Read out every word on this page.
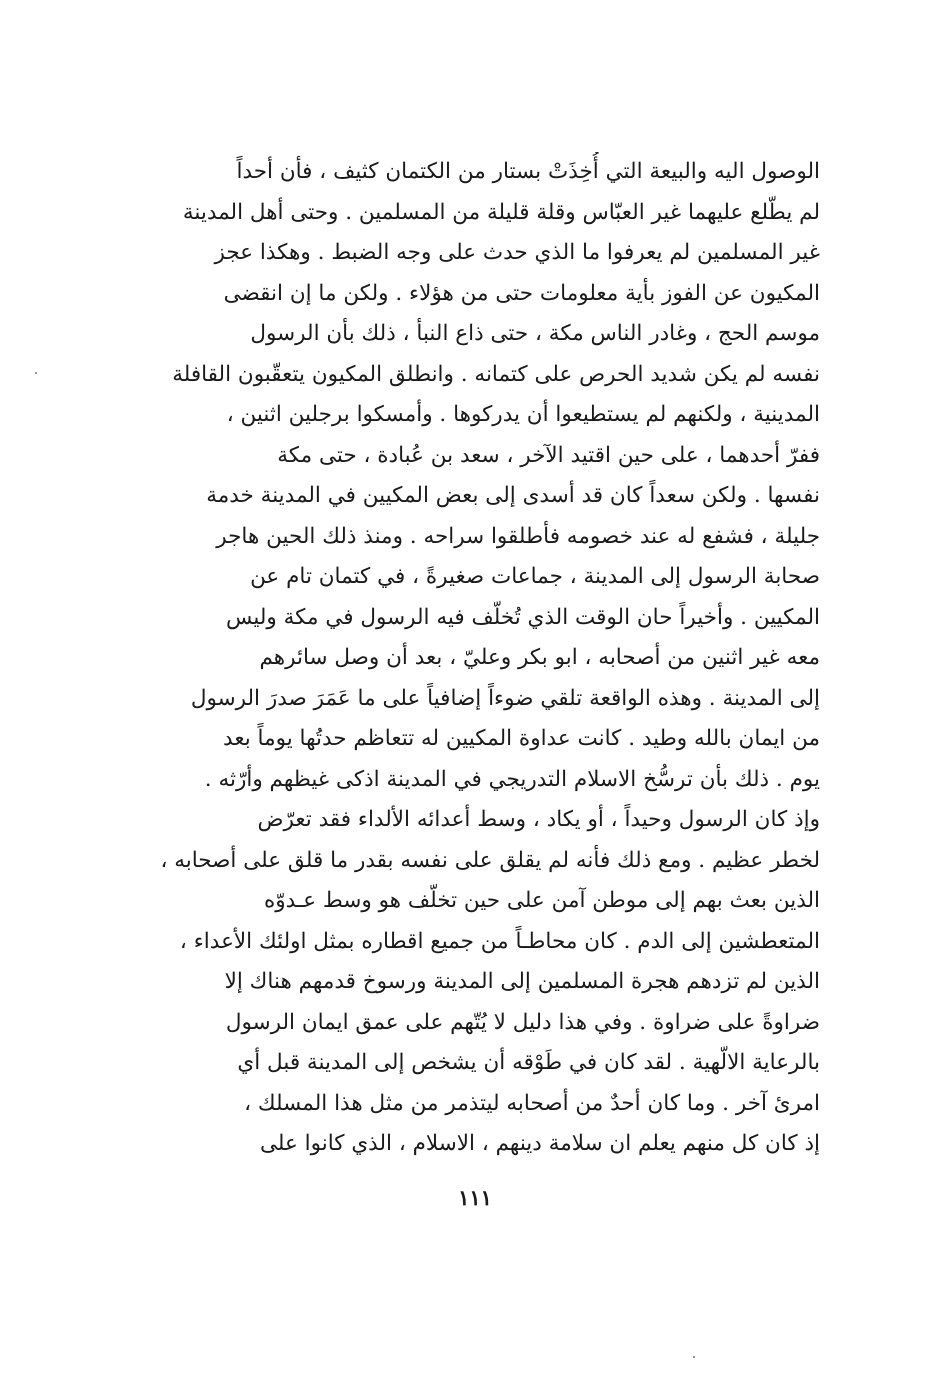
الوصول اليه والبيعة التي أُخِذَتْ بستار من الكتمان كثيف ، فأن أحداً
لم يطّلع عليهما غير العبّاس وقلة قليلة من المسلمين . وحتى أهل المدينة
غير المسلمين لم يعرفوا ما الذي حدث على وجه الضبط . وهكذا عجز
المكيون عن الفوز بأية معلومات حتى من هؤلاء . ولكن ما إن انقضى
موسم الحج ، وغادر الناس مكة ، حتى ذاع النبأ ، ذلك بأن الرسول
نفسه لم يكن شديد الحرص على كتمانه . وانطلق المكيون يتعقّبون القافلة
المدينية ، ولكنهم لم يستطيعوا أن يدركوها . وأمسكوا برجلين اثنين ،
ففرّ أحدهما ، على حين اقتيد الآخر ، سعد بن عُبادة ، حتى مكة
نفسها . ولكن سعداً كان قد أسدى إلى بعض المكيين في المدينة خدمة
جليلة ، فشفع له عند خصومه فأطلقوا سراحه . ومنذ ذلك الحين هاجر
صحابة الرسول إلى المدينة ، جماعات صغيرةً ، في كتمان تام عن
المكيين . وأخيراً حان الوقت الذي تُخلّف فيه الرسول في مكة وليس
معه غير اثنين من أصحابه ، ابو بكر وعليّ ، بعد أن وصل سائرهم
إلى المدينة . وهذه الواقعة تلقي ضوءاً إضافياً على ما عَمَرَ صدرَ الرسول
من ايمان بالله وطيد . كانت عداوة المكيين له تتعاظم حدتُها يوماً بعد
يوم . ذلك بأن ترسُّخ الاسلام التدريجي في المدينة اذكى غيظهم وأرّثه .
وإذ كان الرسول وحيداً ، أو يكاد ، وسط أعدائه الألداء فقد تعرّض
لخطر عظيم . ومع ذلك فأنه لم يقلق على نفسه بقدر ما قلق على أصحابه ،
الذين بعث بهم إلى موطن آمن على حين تخلّف هو وسط عـدوّه
المتعطشين إلى الدم . كان محاطـاً من جميع اقطاره بمثل اولئك الأعداء ،
الذين لم تزدهم هجرة المسلمين إلى المدينة ورسوخ قدمهم هناك إلا
ضراوةً على ضراوة . وفي هذا دليل لا يُتّهم على عمق ايمان الرسول
بالرعاية الالّهية . لقد كان في طَوْقه أن يشخص إلى المدينة قبل أي
امرئ آخر . وما كان أحدٌ من أصحابه ليتذمر من مثل هذا المسلك ،
إذ كان كل منهم يعلم ان سلامة دينهم ، الاسلام ، الذي كانوا على
١١١
